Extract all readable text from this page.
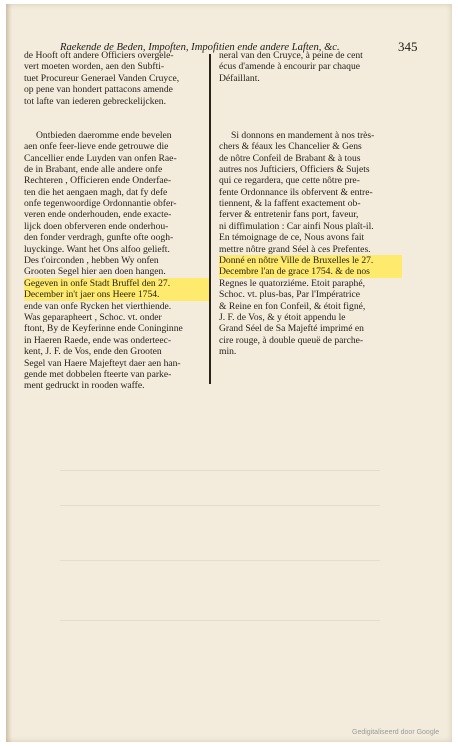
Raekende de Beden, Impoften, Impofitien ende andere Laften, &c.	345
de Hooft oft andere Officiers overgele-
vert moeten worden, aen den Subfti-
tuet Procureur Generael Vanden Cruyce,
op pene van hondert pattacons amende
tot lafte van iederen gebreckelijcken.
Ontbieden daeromme ende bevelen
aen onfe feer-lieve ende getrouwe die
Cancellier ende Luyden van onfen Rae-
de in Brabant, ende alle andere onfe
Rechteren , Officieren ende Onderfae-
ten die het aengaen magh, dat fy defe
onfe tegenwoordige Ordonnantie obfer-
veren ende onderhouden, ende exacte-
lijck doen obferveren ende onderhou-
den fonder verdragh, gunfte ofte oogh-
luyckinge. Want het Ons alfoo gelieft.
Des t'oirconden , hebben Wy onfen
Grooten Segel hier aen doen hangen.
Gegeven in onfe Stadt Bruffel den 27.
December in't jaer ons Heere 1754.
ende van onfe Rycken het vierthiende.
Was geparapheert , Schoc. vt. onder
ftont, By de Keyferinne ende Coninginne
in Haeren Raede, ende was onderteec-
kent, J. F. de Vos, ende den Grooten
Segel van Haere Majefteyt daer aen han-
gende met dobbelen fteerte van parke-
ment gedruckt in rooden waffe.
neral van den Cruyce, à peine de cent
écus d'amende à encourir par chaque
Défaillant.
Si donnons en mandement à nos très-
chers & féaux les Chancelier & Gens
de nôtre Confeil de Brabant & à tous
autres nos Jufticiers, Officiers & Sujets
qui ce regardera, que cette nôtre pre-
fente Ordonnance ils obfervent & entre-
tiennent, & la faffent exactement ob-
ferver & entretenir fans port, faveur,
ni diffimulation : Car ainfi Nous plaît-il.
En témoignage de ce, Nous avons fait
mettre nôtre grand Séel à ces Prefentes.
Donné en nôtre Ville de Bruxelles le 27.
Decembre l'an de grace 1754. & de nos
Regnes le quatorziéme. Etoit paraphé,
Schoc. vt. plus-bas, Par l'Impératrice
& Reine en fon Confeil, & étoit figné,
J. F. de Vos, & y étoit appendu le
Grand Séel de Sa Majefté imprimé en
cire rouge, à double queuë de parche-
min.
Gedigitaliseerd door Google
